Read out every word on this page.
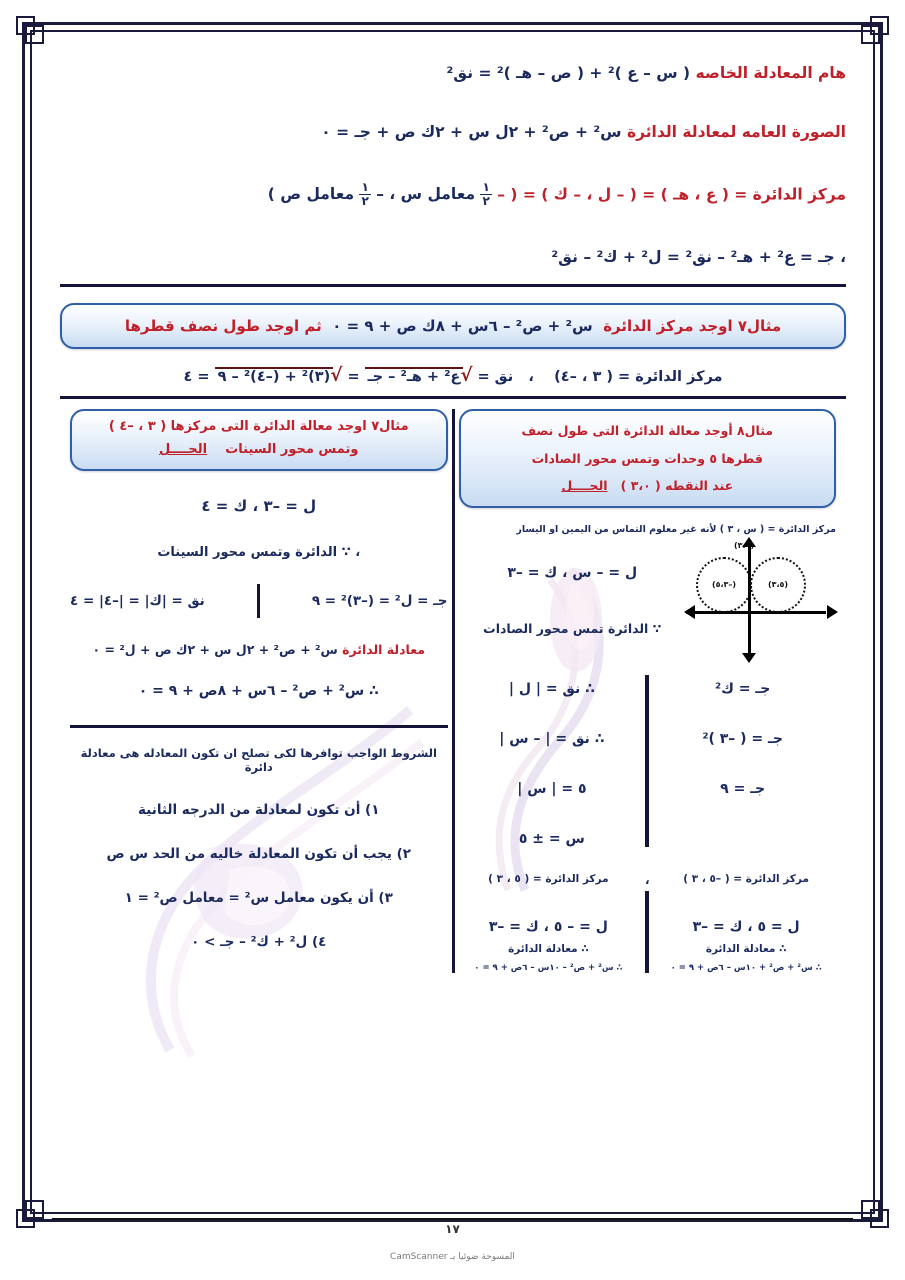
هام المعادلة الخاصه ( س – ع )² + ( ص – هـ )² = نق²
الصورة العامه لمعادلة الدائرة س² + ص² + ٢ل س + ٢ك ص + جـ = ٠
مركز الدائرة = ( ع ، هـ ) = ( – ل ، – ك ) = ( –
$\frac{١}{٢}$
معامل س ، –
$\frac{١}{٢}$
معامل ص )
، جـ = ع² + هـ² – نق² = ل² + ك² – نق²
مثال٧ اوجد مركز الدائرة  س² + ص² – ٦س + ٨ك ص + ٩ = ٠  ثم اوجد طول نصف قطرها
مركز الدائرة = ( ٣ ، –٤)    ،   نق = √ع² + هـ² – جـ = √(٣)² + (–٤)² – ٩ = ٤
مثال٧ اوجد معالة الدائرة التى مركزها ( ٣ ، –٤ )
وتمس محور السينات    الحــــل
ل = –٣ ، ك = ٤
، ∵ الدائرة وتمس محور السينات
نق = |ك| = |–٤| = ٤	جـ = ل² = (–٣)² = ٩
معادلة الدائرة س² + ص² + ٢ل س + ٢ك ص + ل² = ٠
∴ س² + ص² – ٦س + ٨ص + ٩ = ٠
الشروط الواجب توافرها لكى تصلح ان تكون المعادله هى معادلة دائرة
١) أن تكون لمعادلة من الدرجه الثانية
٢) يجب أن تكون المعادلة خاليه من الحد س ص
٣) أن يكون معامل س² = معامل ص² = ١
٤) ل² + ك² – جـ > ٠
مثال٨ أوجد معالة الدائرة التى طول نصف
قطرها ٥ وحدات وتمس محور الصادات
عند النقطه ( ٣،٠ )   الحــــل
مركز الدائرة = ( س ، ٣ ) لأنه غير معلوم التماس من اليمين او اليسار
ل = – س ، ك = –٣
∵ الدائرة تمس محور الصادات
(٣،٠)
(٣،٥)
(–٥،٣)
∴ نق = | ل |
∴ نق = | – س |
٥ = | س |
س = ± ٥
جـ = ك²
جـ = ( –٣ )²
جـ = ٩
مركز الدائرة = ( ٥ ، ٣ )
ل = – ٥ ، ك = –٣
∴ معادلة الدائرة
∴ س² + ص² – ١٠س – ٦ص + ٩ = ٠
،	مركز الدائرة = ( –٥ ، ٣ )
ل = ٥ ، ك = –٣
∴ معادلة الدائرة
∴ س² + ص² + ١٠س – ٦ص + ٩ = ٠
١٧
المسوحة ضوئيا بـ CamScanner
